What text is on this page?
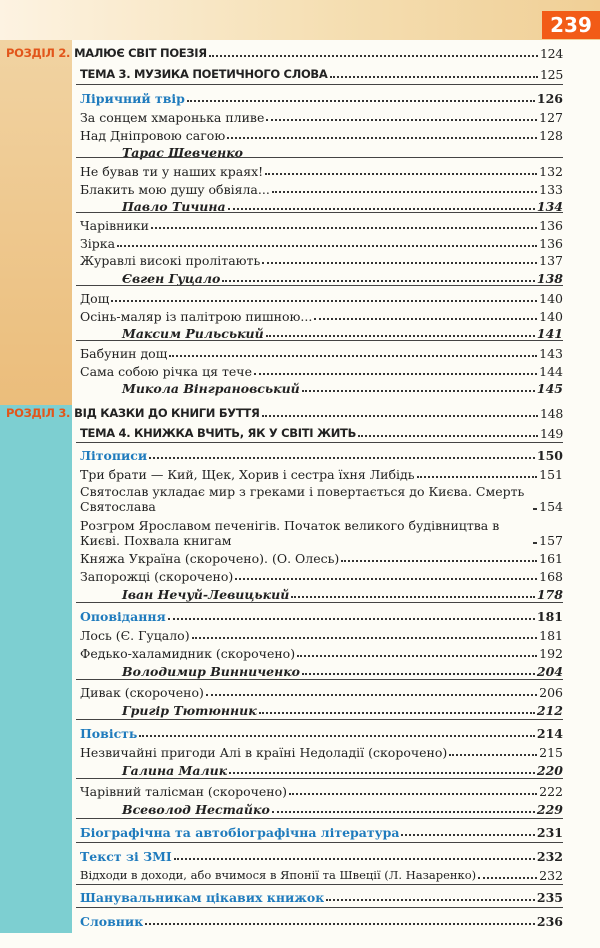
239
РОЗДІЛ 2. МАЛЮЄ СВІТ ПОЕЗІЯ	124
ТЕМА 3. МУЗИКА ПОЕТИЧНОГО СЛОВА	125
Ліричний твір	126
За сонцем хмаронька пливе	127
Над Дніпровою сагою	128
Тарас Шевченко
Не бував ти у наших краях!	132
Блакить мою душу обвіяла...	133
Павло Тичина	134
Чарівники	136
Зірка	136
Журавлі високі пролітають	137
Євген Гуцало	138
Дощ	140
Осінь-маляр із палітрою пишною...	140
Максим Рильський	141
Бабунин дощ	143
Сама собою річка ця тече	144
Микола Вінграновський	145
РОЗДІЛ 3. ВІД КАЗКИ ДО КНИГИ БУТТЯ	148
ТЕМА 4. КНИЖКА ВЧИТЬ, ЯК У СВІТІ ЖИТЬ	149
Літописи	150
Три брати — Кий, Щек, Хорив і сестра їхня Либідь	151
Святослав укладає мир з греками і повертається до Києва. Смерть Святослава	154
Розгром Ярославом печенігів. Початок великого будівництва в Києві. Похвала книгам	157
Княжа Україна (скорочено). (О. Олесь)	161
Запорожці (скорочено)	168
Іван Нечуй-Левицький	178
Оповідання	181
Лось (Є. Гуцало)	181
Федько-халамидник (скорочено)	192
Володимир Винниченко	204
Дивак (скорочено)	206
Григір Тютюнник	212
Повість	214
Незвичайні пригоди Алі в країні Недоладії (скорочено)	215
Галина Малик	220
Чарівний талісман (скорочено)	222
Всеволод Нестайко	229
Біографічна та автобіографічна література	231
Текст зі ЗМІ	232
Відходи в доходи, або вчимося в Японії та Швеції (Л. Назаренко)	232
Шанувальникам цікавих книжок	235
Словник	236
